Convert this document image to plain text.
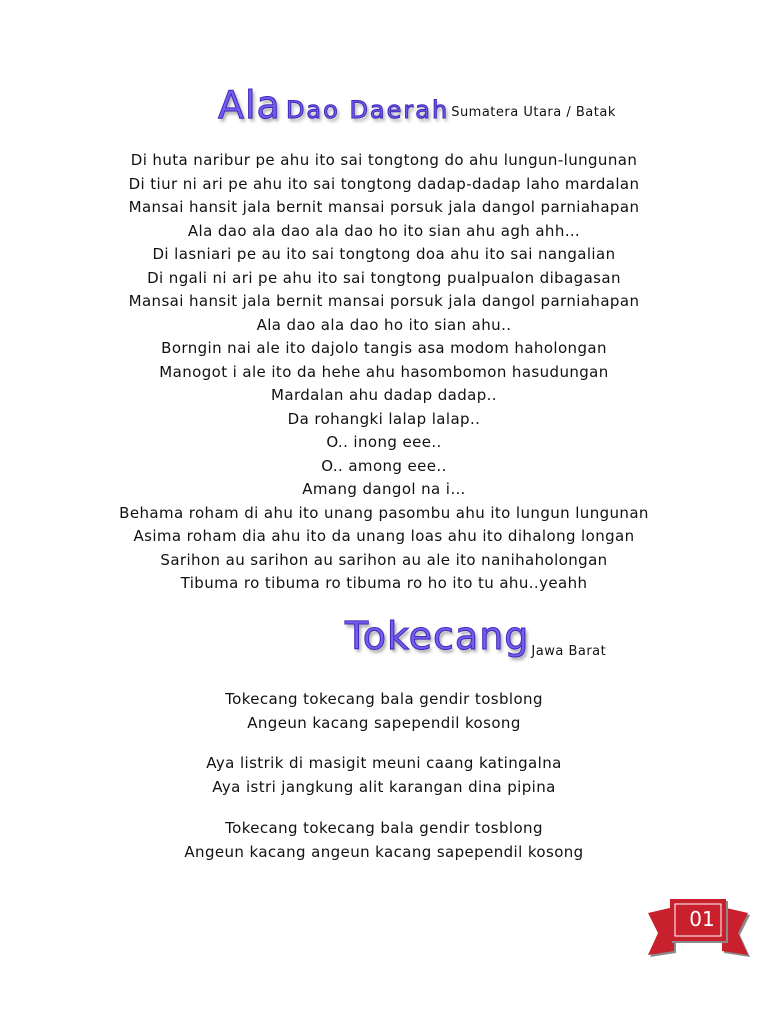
Ala Dao Daerah Sumatera Utara / Batak
Di huta naribur pe ahu ito sai tongtong do ahu lungun-lungunan
Di tiur ni ari pe ahu ito sai tongtong dadap-dadap laho mardalan
Mansai hansit jala bernit mansai porsuk jala dangol parniahapan
Ala dao ala dao ala dao ho ito sian ahu agh ahh…
Di lasniari pe au ito sai tongtong doa ahu ito sai nangalian
Di ngali ni ari pe ahu ito sai tongtong pualpualon dibagasan
Mansai hansit jala bernit mansai porsuk jala dangol parniahapan
Ala dao ala dao ho ito sian ahu..
Borngin nai ale ito dajolo tangis asa modom haholongan
Manogot i ale ito da hehe ahu hasombomon hasudungan
Mardalan ahu dadap dadap..
Da rohangki lalap lalap..
O.. inong eee..
O.. among eee..
Amang dangol na i…
Behama roham di ahu ito unang pasombu ahu ito lungun lungunan
Asima roham dia ahu ito da unang loas ahu ito dihalong longan
Sarihon au sarihon au sarihon au ale ito nanihaholongan
Tibuma ro tibuma ro tibuma ro ho ito tu ahu..yeahh
Tokecang Jawa Barat
Tokecang tokecang bala gendir tosblong
Angeun kacang sapependil kosong
Aya listrik di masigit meuni caang katingalna
Aya istri jangkung alit karangan dina pipina
Tokecang tokecang bala gendir tosblong
Angeun kacang angeun kacang sapependil kosong
01
